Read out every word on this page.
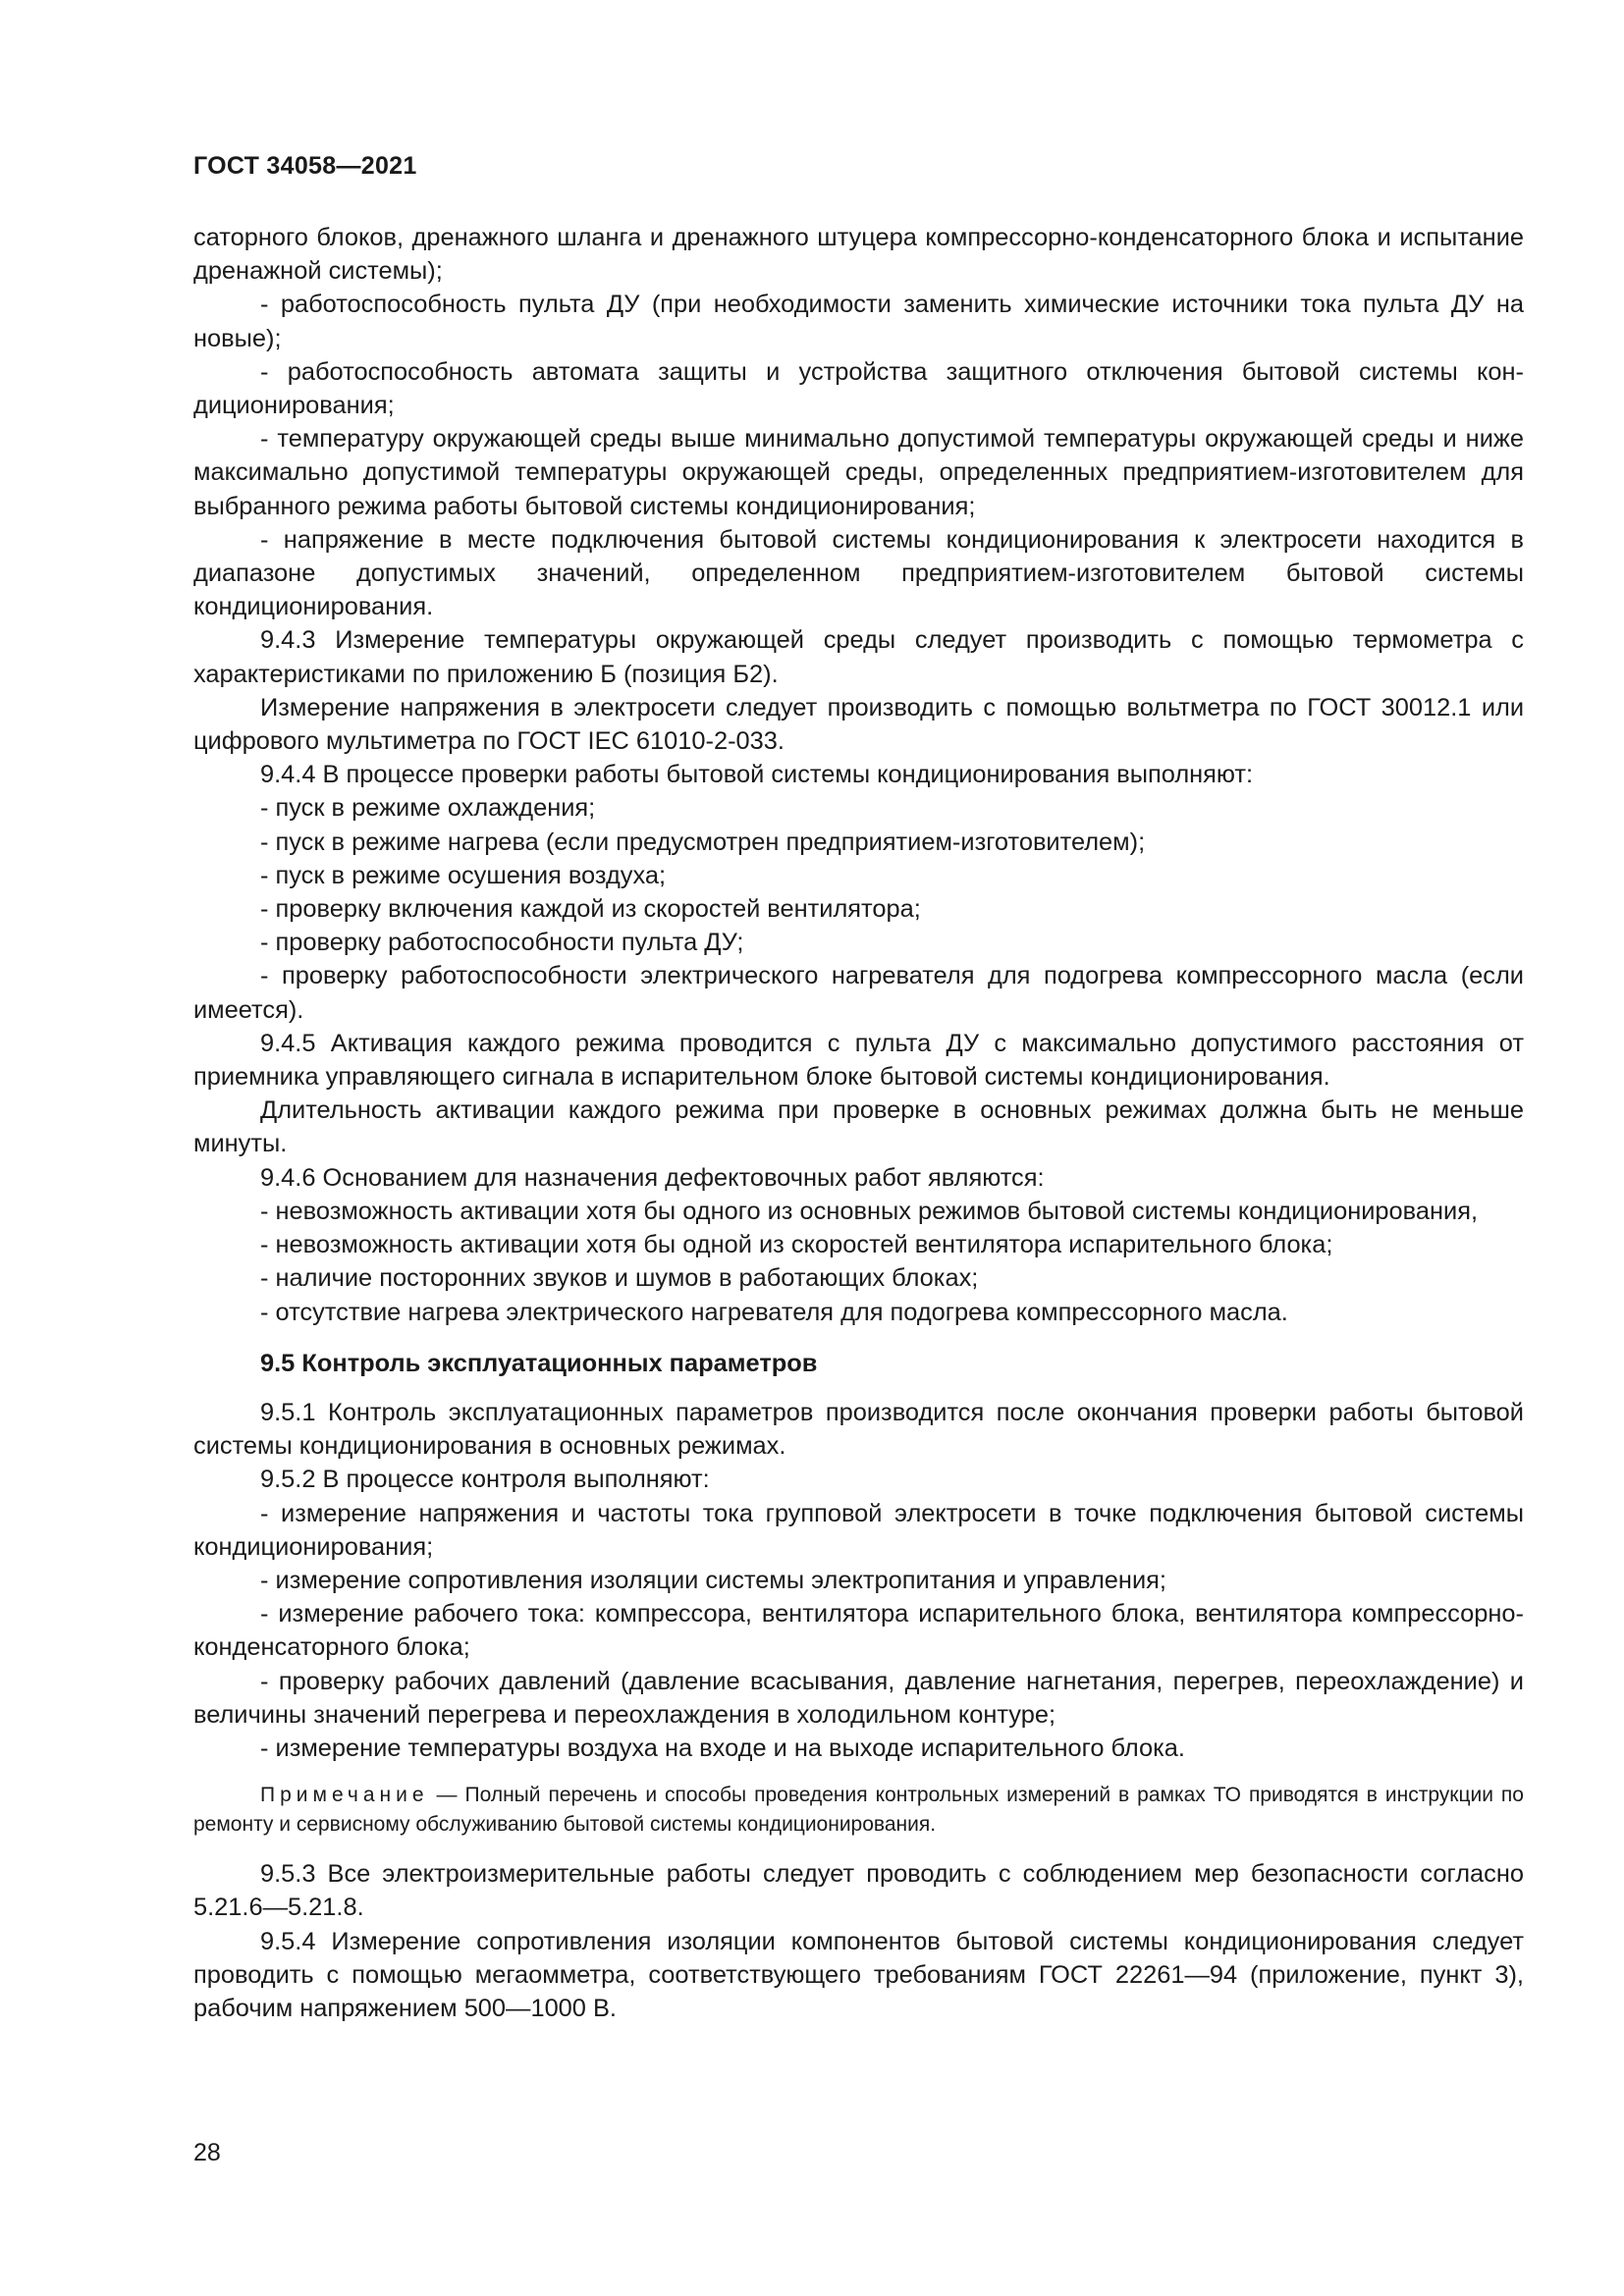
ГОСТ 34058—2021

саторного блоков, дренажного шланга и дренажного штуцера компрессорно-конденсаторного блока и испытание дренажной системы);

- работоспособность пульта ДУ (при необходимости заменить химические источники тока пульта ДУ на новые);

- работоспособность автомата защиты и устройства защитного отключения бытовой системы кондиционирования;

- температуру окружающей среды выше минимально допустимой температуры окружающей среды и ниже максимально допустимой температуры окружающей среды, определенных предприятием-изготовителем для выбранного режима работы бытовой системы кондиционирования;

- напряжение в месте подключения бытовой системы кондиционирования к электросети находится в диапазоне допустимых значений, определенном предприятием-изготовителем бытовой системы кондиционирования.

9.4.3 Измерение температуры окружающей среды следует производить с помощью термометра с характеристиками по приложению Б (позиция Б2).

Измерение напряжения в электросети следует производить с помощью вольтметра по ГОСТ 30012.1 или цифрового мультиметра по ГОСТ IEC 61010-2-033.

9.4.4 В процессе проверки работы бытовой системы кондиционирования выполняют:

- пуск в режиме охлаждения;

- пуск в режиме нагрева (если предусмотрен предприятием-изготовителем);

- пуск в режиме осушения воздуха;

- проверку включения каждой из скоростей вентилятора;

- проверку работоспособности пульта ДУ;

- проверку работоспособности электрического нагревателя для подогрева компрессорного масла (если имеется).

9.4.5 Активация каждого режима проводится с пульта ДУ с максимально допустимого расстояния от приемника управляющего сигнала в испарительном блоке бытовой системы кондиционирования.

Длительность активации каждого режима при проверке в основных режимах должна быть не меньше минуты.

9.4.6 Основанием для назначения дефектовочных работ являются:

- невозможность активации хотя бы одного из основных режимов бытовой системы кондиционирования,

- невозможность активации хотя бы одной из скоростей вентилятора испарительного блока;

- наличие посторонних звуков и шумов в работающих блоках;

- отсутствие нагрева электрического нагревателя для подогрева компрессорного масла.

9.5 Контроль эксплуатационных параметров

9.5.1 Контроль эксплуатационных параметров производится после окончания проверки работы бытовой системы кондиционирования в основных режимах.

9.5.2 В процессе контроля выполняют:

- измерение напряжения и частоты тока групповой электросети в точке подключения бытовой системы кондиционирования;

- измерение сопротивления изоляции системы электропитания и управления;

- измерение рабочего тока: компрессора, вентилятора испарительного блока, вентилятора компрессорно-конденсаторного блока;

- проверку рабочих давлений (давление всасывания, давление нагнетания, перегрев, переохлаждение) и величины значений перегрева и переохлаждения в холодильном контуре;

- измерение температуры воздуха на входе и на выходе испарительного блока.

Примечание — Полный перечень и способы проведения контрольных измерений в рамках ТО приводятся в инструкции по ремонту и сервисному обслуживанию бытовой системы кондиционирования.

9.5.3 Все электроизмерительные работы следует проводить с соблюдением мер безопасности согласно 5.21.6—5.21.8.

9.5.4 Измерение сопротивления изоляции компонентов бытовой системы кондиционирования следует проводить с помощью мегаомметра, соответствующего требованиям ГОСТ 22261—94 (приложение, пункт 3), рабочим напряжением 500—1000 В.

28
